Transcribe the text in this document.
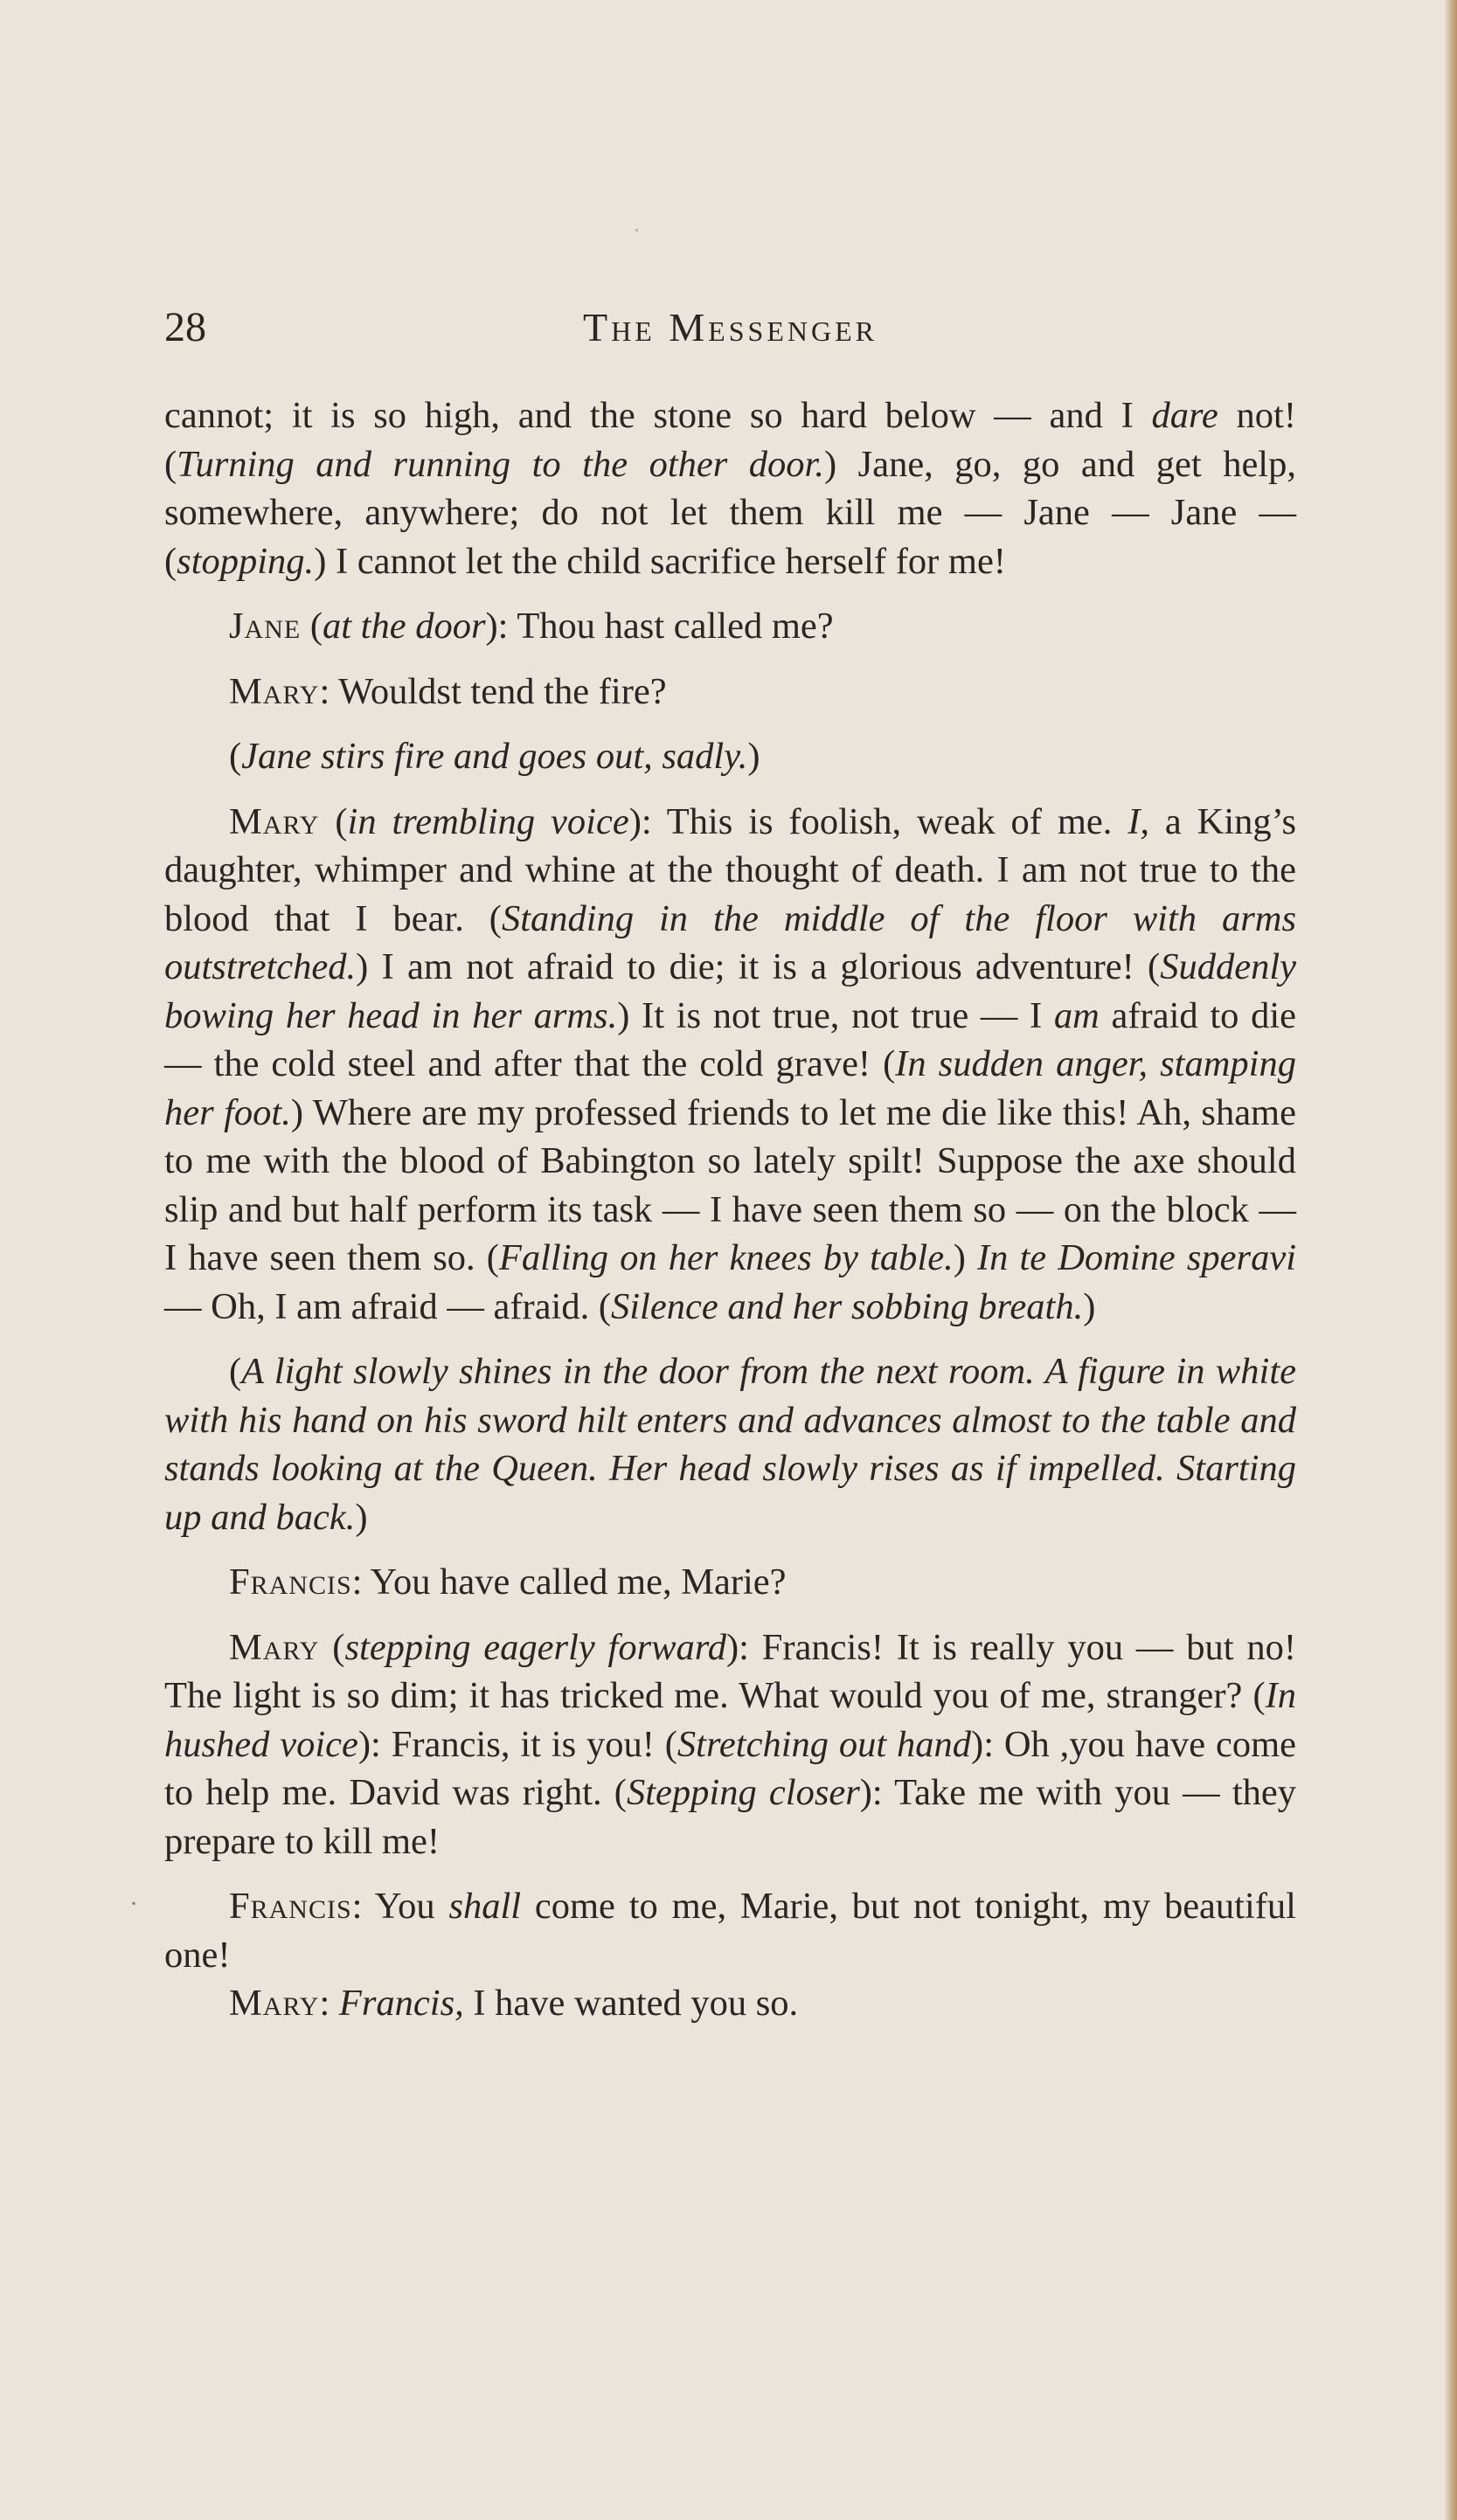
28	The Messenger
·

cannot; it is so high, and the stone so hard below — and I dare not! (Turning and running to the other door.) Jane, go, go and get help, somewhere, anywhere; do not let them kill me — Jane — Jane — (stopping.) I cannot let the child sacrifice herself for me!

Jane (at the door): Thou hast called me?

Mary: Wouldst tend the fire?

(Jane stirs fire and goes out, sadly.)

Mary (in trembling voice): This is foolish, weak of me. I, a King’s daughter, whimper and whine at the thought of death. I am not true to the blood that I bear. (Standing in the middle of the floor with arms outstretched.) I am not afraid to die; it is a glorious adventure! (Suddenly bowing her head in her arms.) It is not true, not true — I am afraid to die — the cold steel and after that the cold grave! (In sudden anger, stamping her foot.) Where are my professed friends to let me die like this! Ah, shame to me with the blood of Babington so lately spilt! Suppose the axe should slip and but half perform its task — I have seen them so — on the block — I have seen them so. (Falling on her knees by table.) In te Domine speravi — Oh, I am afraid — afraid. (Silence and her sobbing breath.)

(A light slowly shines in the door from the next room. A figure in white with his hand on his sword hilt enters and advances almost to the table and stands looking at the Queen. Her head slowly rises as if impelled. Starting up and back.)

Francis: You have called me, Marie?

Mary (stepping eagerly forward): Francis! It is really you — but no! The light is so dim; it has tricked me. What would you of me, stranger? (In hushed voice): Francis, it is you! (Stretching out hand): Oh ,you have come to help me. David was right. (Stepping closer): Take me with you — they prepare to kill me!

Francis: You shall come to me, Marie, but not tonight, my beautiful one!

Mary: Francis, I have wanted you so.
